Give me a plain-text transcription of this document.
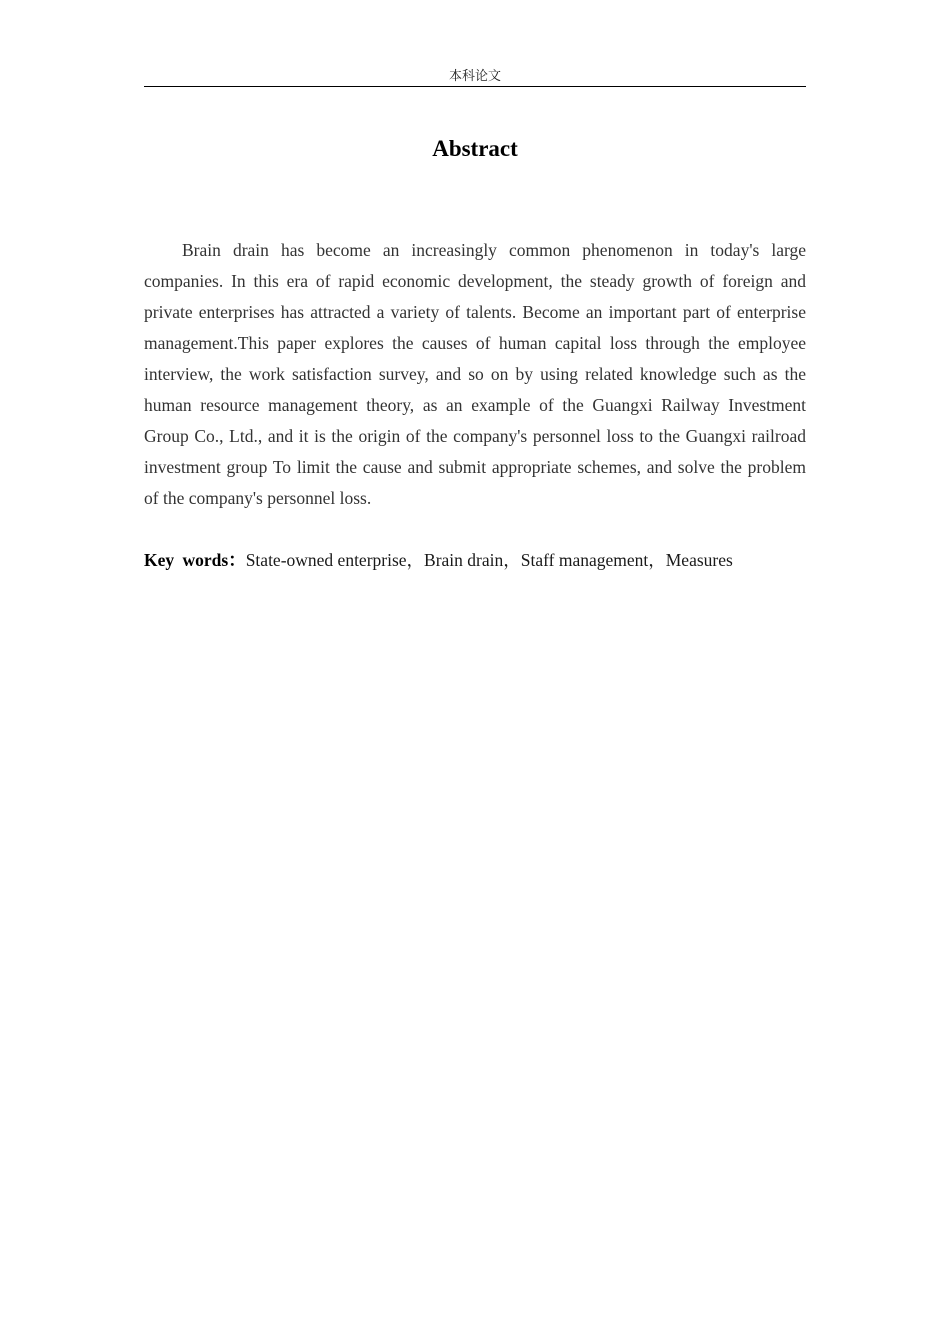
本科论文
Abstract

Brain drain has become an increasingly common phenomenon in today's large companies. In this era of rapid economic development, the steady growth of foreign and private enterprises has attracted a variety of talents. Become an important part of enterprise management.This paper explores the causes of human capital loss through the employee interview, the work satisfaction survey, and so on by using related knowledge such as the human resource management theory, as an example of the Guangxi Railway Investment Group Co., Ltd., and it is the origin of the company's personnel loss to the Guangxi railroad investment group To limit the cause and submit appropriate schemes, and solve the problem of the company's personnel loss.

Key words：State-owned enterprise，Brain drain，Staff management，Measures
